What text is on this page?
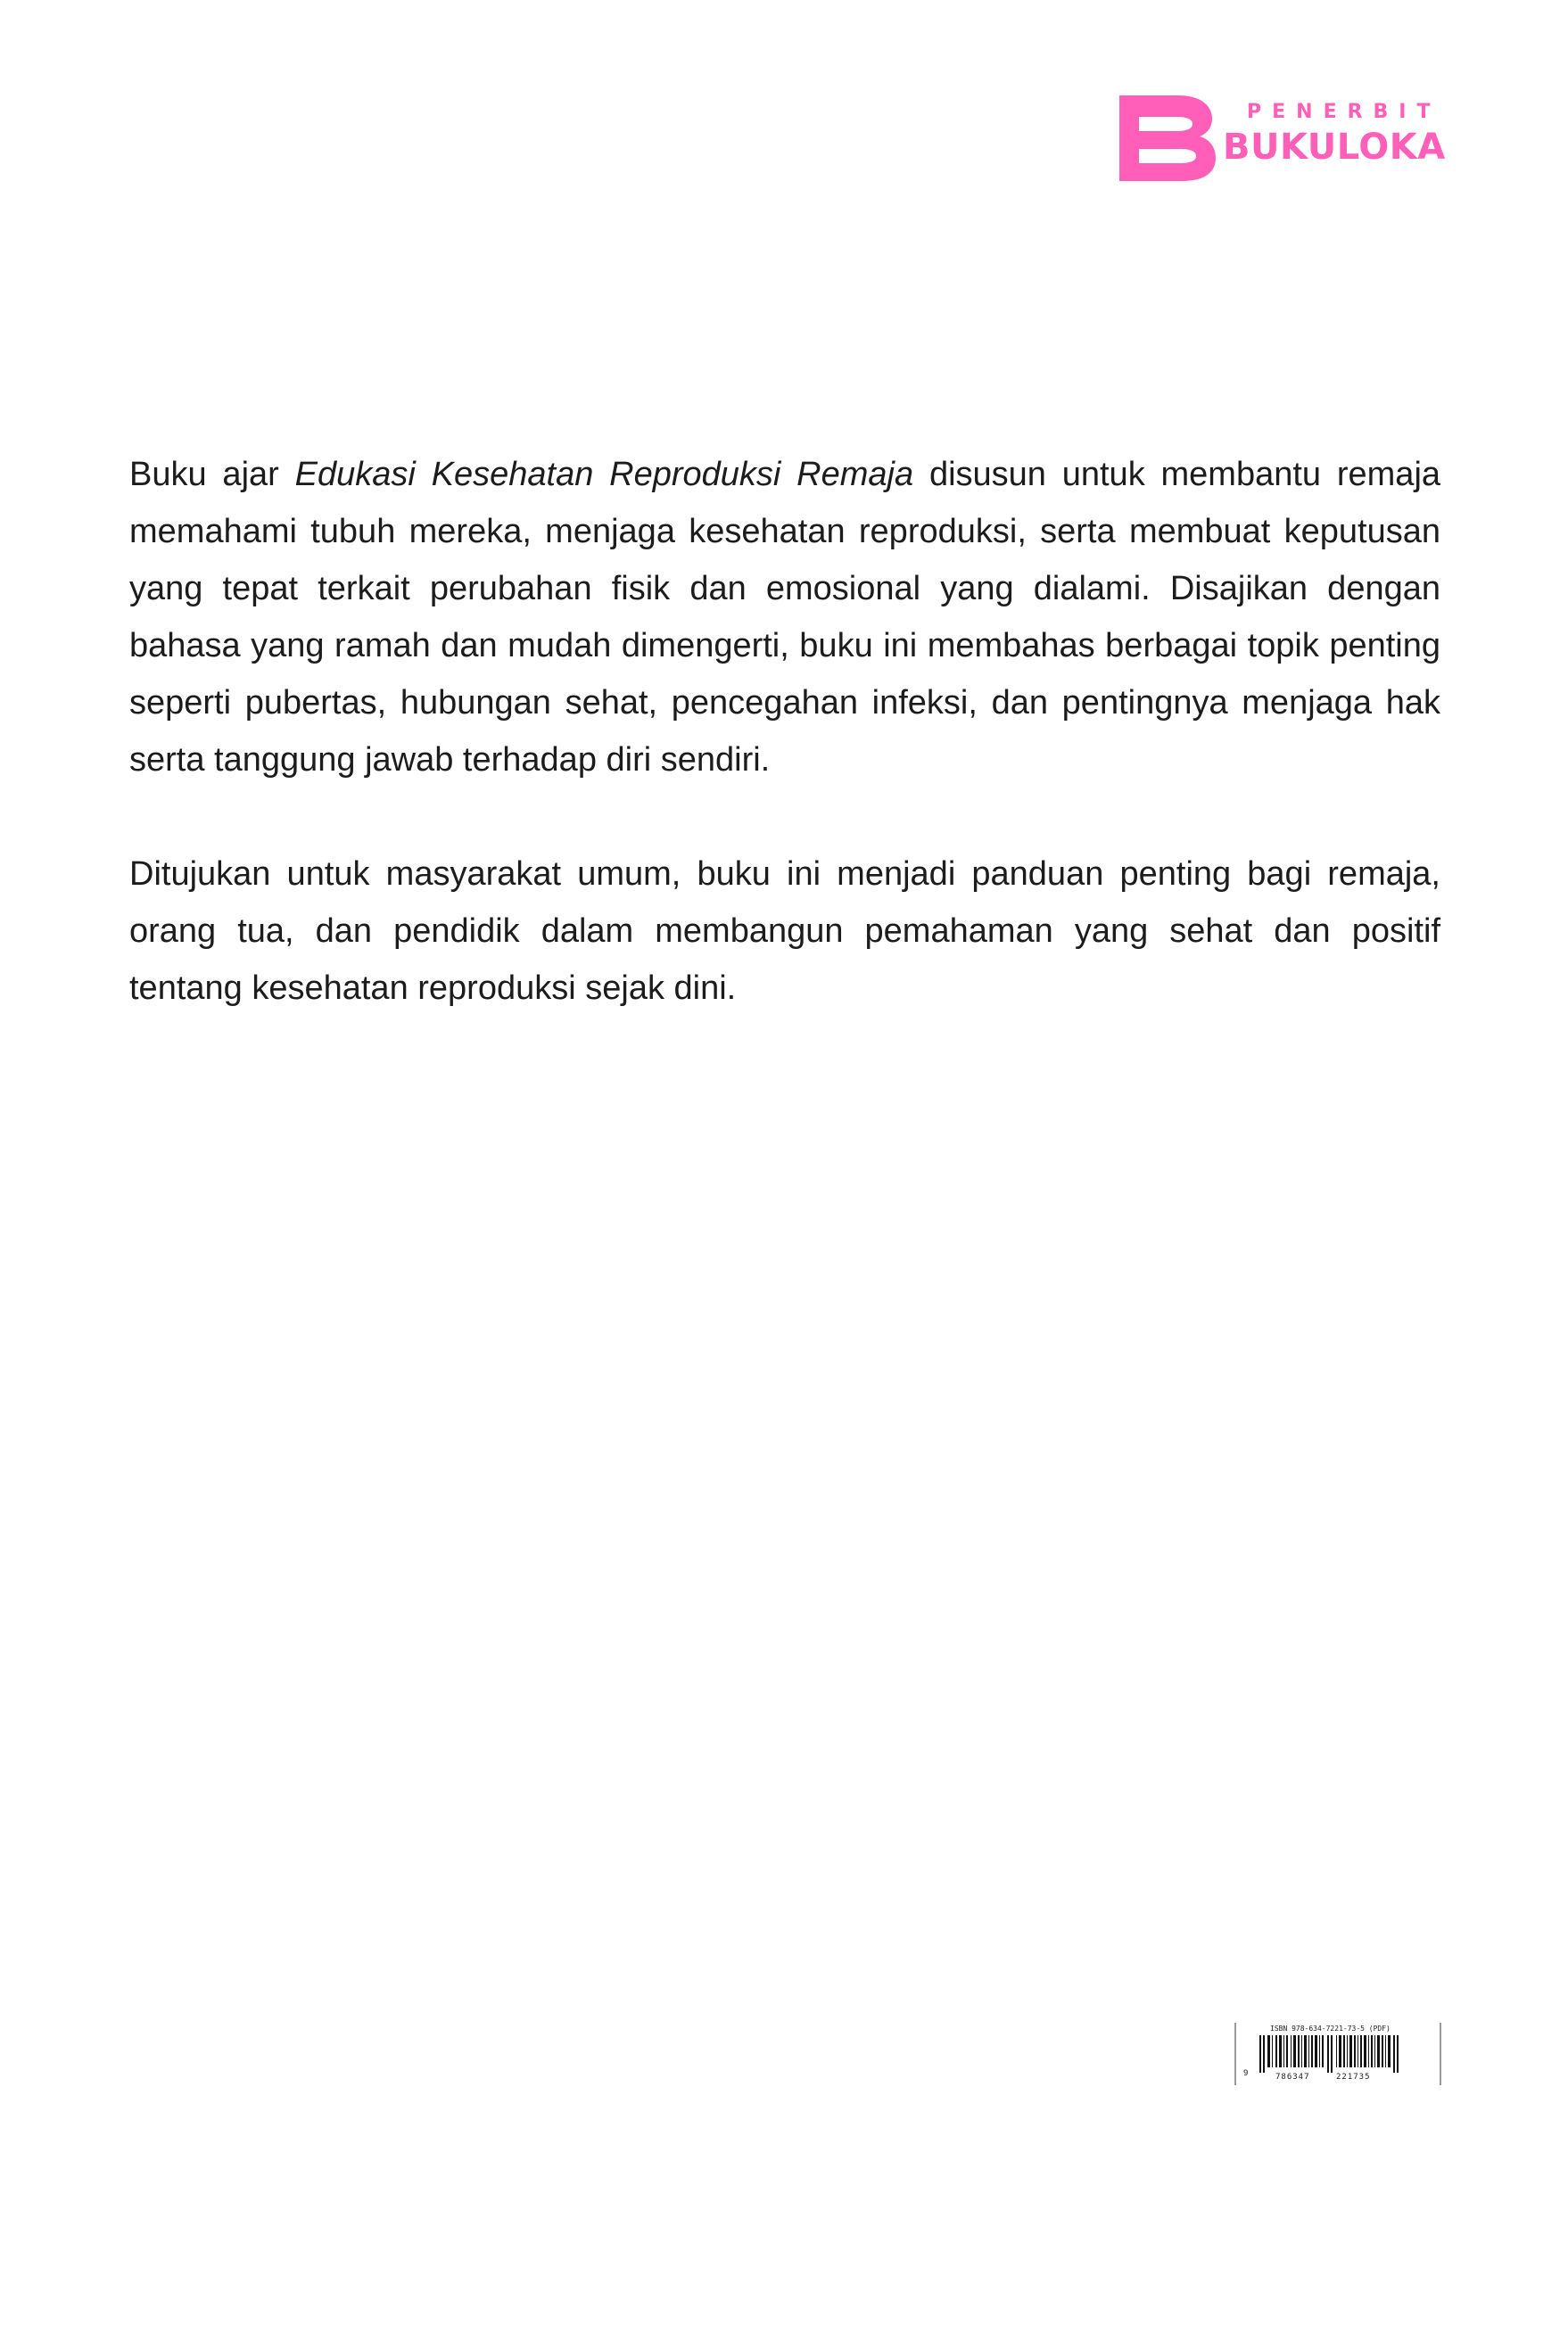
PENERBIT
BUKULOKA

Buku ajar Edukasi Kesehatan Reproduksi Remaja disusun untuk membantu remaja memahami tubuh mereka, menjaga kesehatan reproduksi, serta membuat keputusan yang tepat terkait perubahan fisik dan emosional yang dialami. Disajikan dengan bahasa yang ramah dan mudah dimengerti, buku ini membahas berbagai topik penting seperti pubertas, hubungan sehat, pencegahan infeksi, dan pentingnya menjaga hak serta tanggung jawab terhadap diri sendiri.

Ditujukan untuk masyarakat umum, buku ini menjadi panduan penting bagi remaja, orang tua, dan pendidik dalam membangun pemahaman yang sehat dan positif tentang kesehatan reproduksi sejak dini.

ISBN 978-634-7221-73-5 (PDF)
9	786347	221735
